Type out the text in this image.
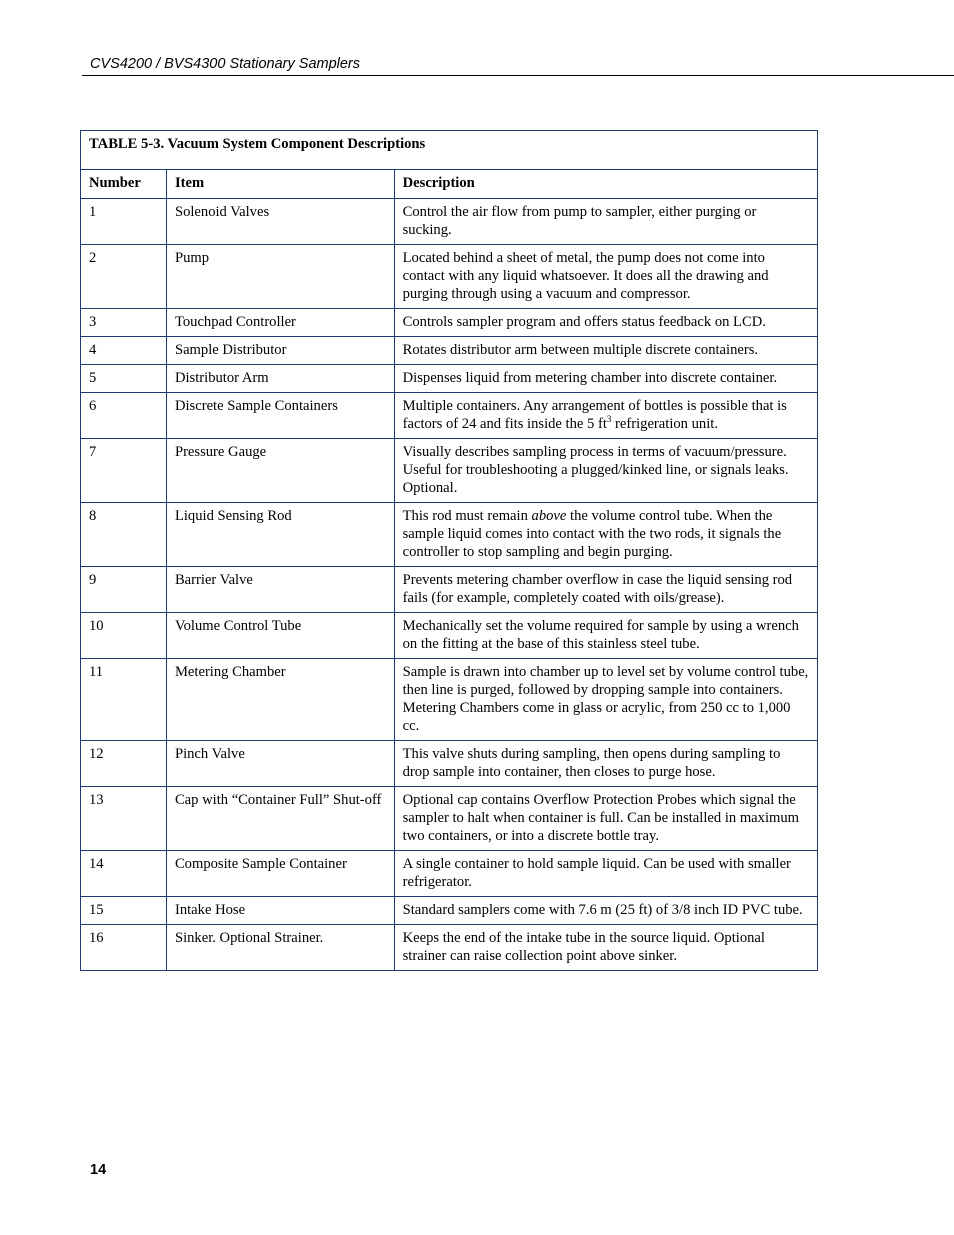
CVS4200 / BVS4300 Stationary Samplers
TABLE 5-3. Vacuum System Component Descriptions		
Number	Item	Description
1	Solenoid Valves	Control the air flow from pump to sampler, either purging or sucking.
2	Pump	Located behind a sheet of metal, the pump does not come into contact with any liquid whatsoever. It does all the drawing and purging through using a vacuum and compressor.
3	Touchpad Controller	Controls sampler program and offers status feedback on LCD.
4	Sample Distributor	Rotates distributor arm between multiple discrete containers.
5	Distributor Arm	Dispenses liquid from metering chamber into discrete container.
6	Discrete Sample Containers	Multiple containers. Any arrangement of bottles is possible that is factors of 24 and fits inside the 5 $ft^3$ refrigeration unit.
7	Pressure Gauge	Visually describes sampling process in terms of vacuum/pressure. Useful for troubleshooting a plugged/kinked line, or signals leaks. Optional.
8	Liquid Sensing Rod	This rod must remain above the volume control tube. When the sample liquid comes into contact with the two rods, it signals the controller to stop sampling and begin purging.
9	Barrier Valve	Prevents metering chamber overflow in case the liquid sensing rod fails (for example, completely coated with oils/grease).
10	Volume Control Tube	Mechanically set the volume required for sample by using a wrench on the fitting at the base of this stainless steel tube.
11	Metering Chamber	Sample is drawn into chamber up to level set by volume control tube, then line is purged, followed by dropping sample into containers. Metering Chambers come in glass or acrylic, from 250 cc to 1,000 cc.
12	Pinch Valve	This valve shuts during sampling, then opens during sampling to drop sample into container, then closes to purge hose.
13	Cap with “Container Full” Shut-off	Optional cap contains Overflow Protection Probes which signal the sampler to halt when container is full. Can be installed in maximum two containers, or into a discrete bottle tray.
14	Composite Sample Container	A single container to hold sample liquid. Can be used with smaller refrigerator.
15	Intake Hose	Standard samplers come with 7.6 m (25 ft) of 3/8 inch ID PVC tube.
16	Sinker. Optional Strainer.	Keeps the end of the intake tube in the source liquid. Optional strainer can raise collection point above sinker.
14
